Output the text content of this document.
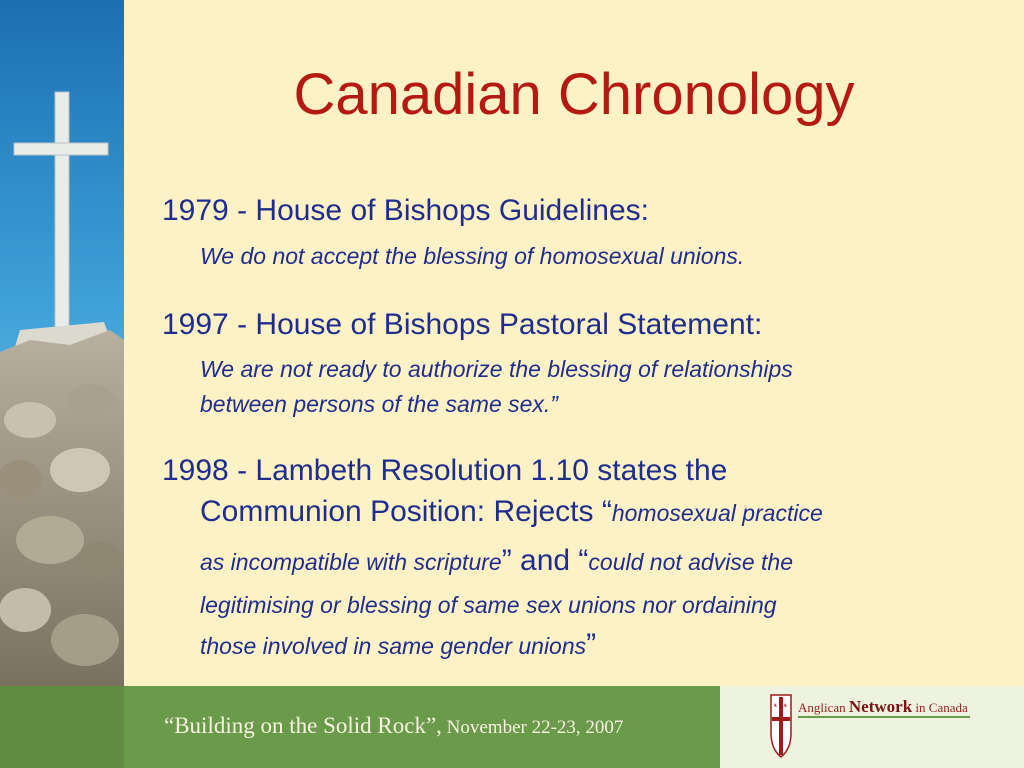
Canadian Chronology
1979 - House of Bishops Guidelines:
We do not accept the blessing of homosexual unions.
1997 - House of Bishops Pastoral Statement:
We are not ready to authorize the blessing of relationships
between persons of the same sex.”
1998 - Lambeth Resolution 1.10 states the
Communion Position: Rejects “homosexual practice
as incompatible with scripture” and “could not advise the
legitimising or blessing of same sex unions nor ordaining
those involved in same gender unions”
“Building on the Solid Rock”, November 22-23, 2007
Anglican Network in Canada
